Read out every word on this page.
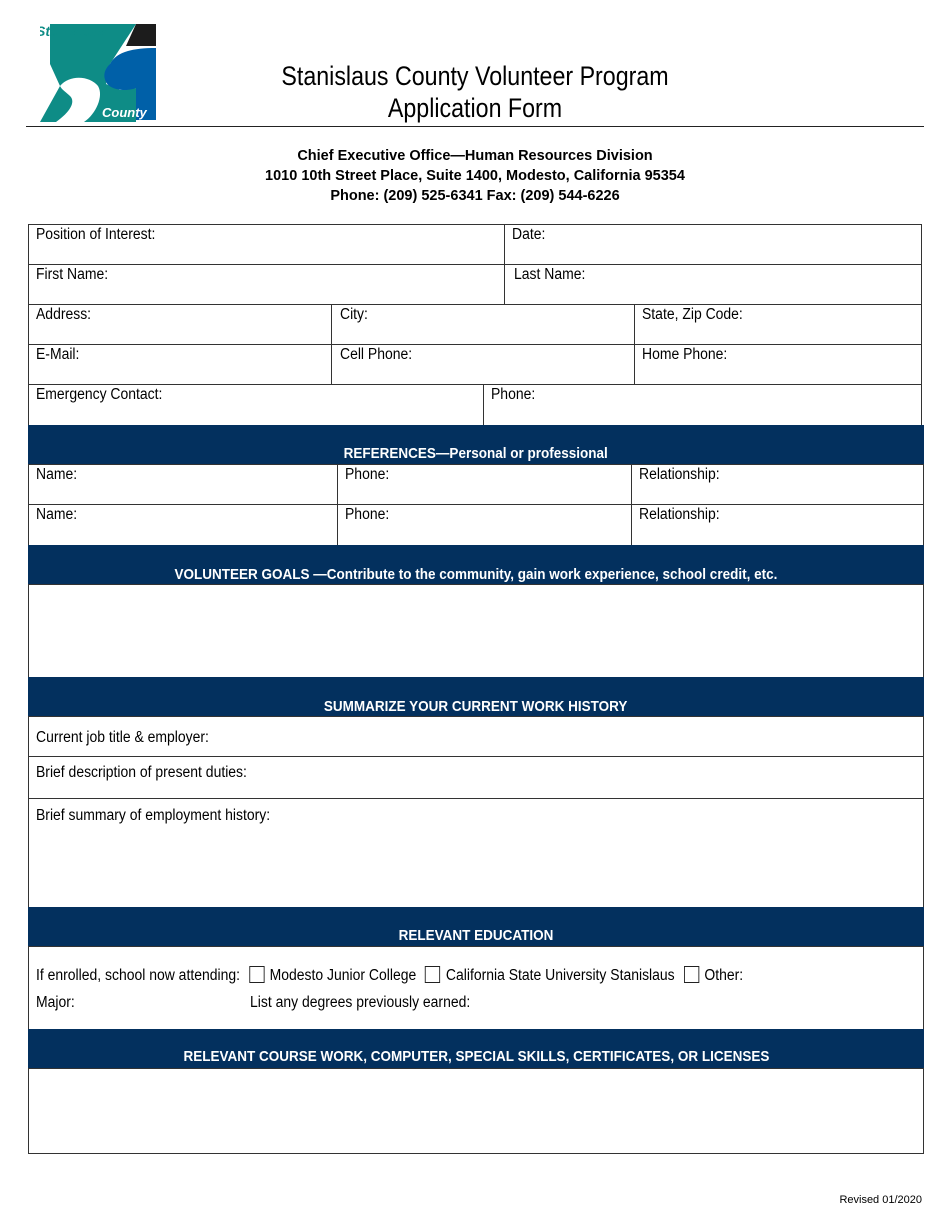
Stanislaus
County
Stanislaus County Volunteer Program
Application Form
Chief Executive Office—Human Resources Division
1010 10th Street Place, Suite 1400, Modesto, California 95354
Phone: (209) 525-6341 Fax: (209) 544-6226
Position of Interest:	Date:
First Name:	Last Name:
Address:	City:	State, Zip Code:
E-Mail:	Cell Phone:	Home Phone:
Emergency Contact:	Phone:
REFERENCES—Personal or professional
Name:	Phone:	Relationship:
Name:	Phone:	Relationship:
VOLUNTEER GOALS —Contribute to the community, gain work experience, school credit, etc.
SUMMARIZE YOUR CURRENT WORK HISTORY
Current job title & employer:
Brief description of present duties:
Brief summary of employment history:
RELEVANT EDUCATION
If enrolled, school now attending: Modesto Junior College California State University Stanislaus Other:
Major:	List any degrees previously earned:
RELEVANT COURSE WORK, COMPUTER, SPECIAL SKILLS, CERTIFICATES, OR LICENSES
Revised 01/2020
